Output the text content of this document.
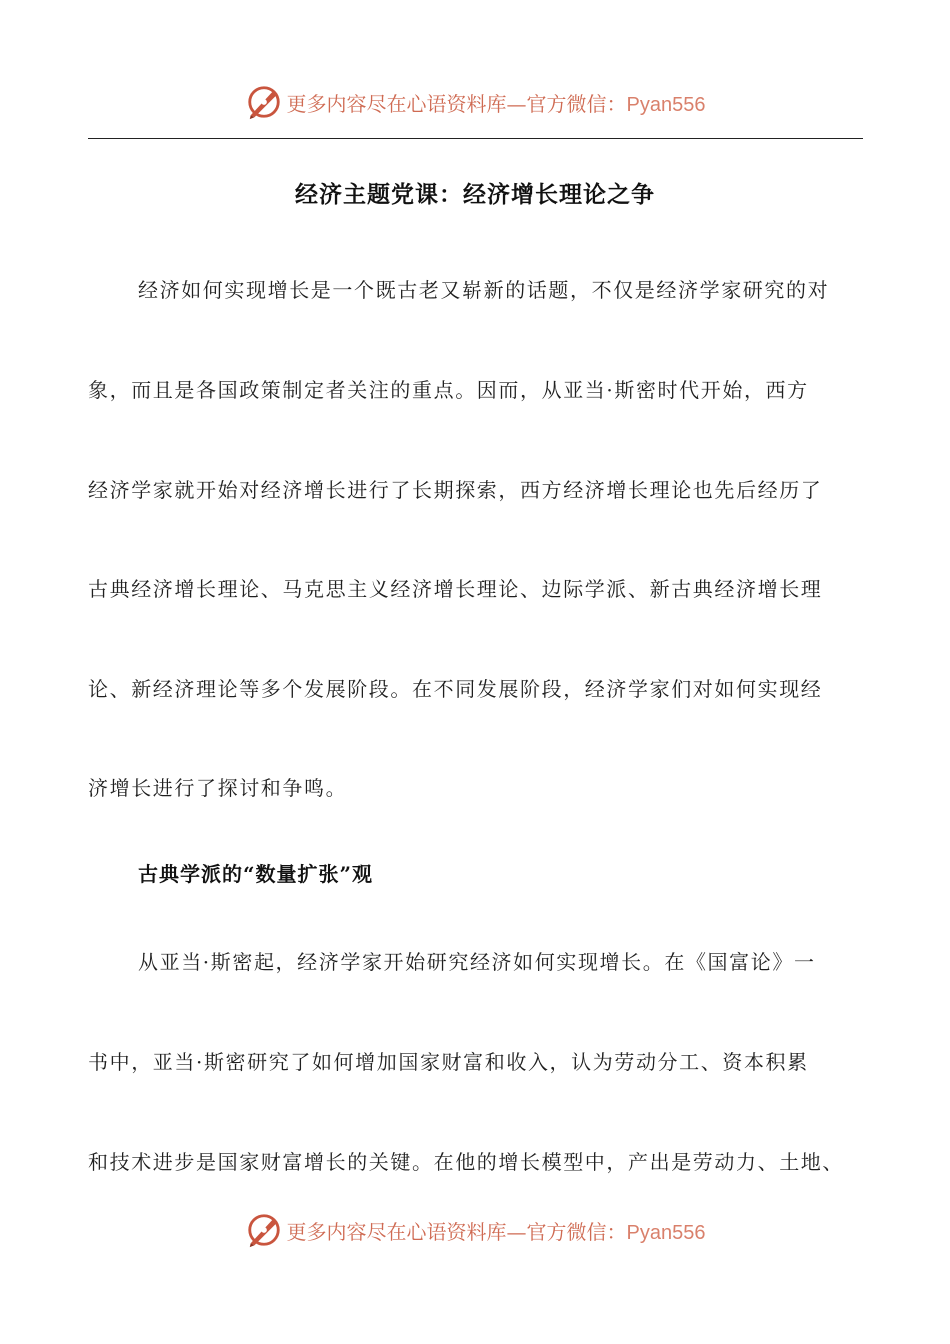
更多内容尽在心语资料库—官方微信：Pyan556
经济主题党课：经济增长理论之争
经济如何实现增长是一个既古老又崭新的话题，不仅是经济学家研究的对
象，而且是各国政策制定者关注的重点。因而，从亚当·斯密时代开始，西方
经济学家就开始对经济增长进行了长期探索，西方经济增长理论也先后经历了
古典经济增长理论、马克思主义经济增长理论、边际学派、新古典经济增长理
论、新经济理论等多个发展阶段。在不同发展阶段，经济学家们对如何实现经
济增长进行了探讨和争鸣。
古典学派的“数量扩张”观
从亚当·斯密起，经济学家开始研究经济如何实现增长。在《国富论》一
书中，亚当·斯密研究了如何增加国家财富和收入，认为劳动分工、资本积累
和技术进步是国家财富增长的关键。在他的增长模型中，产出是劳动力、土地、
更多内容尽在心语资料库—官方微信：Pyan556
